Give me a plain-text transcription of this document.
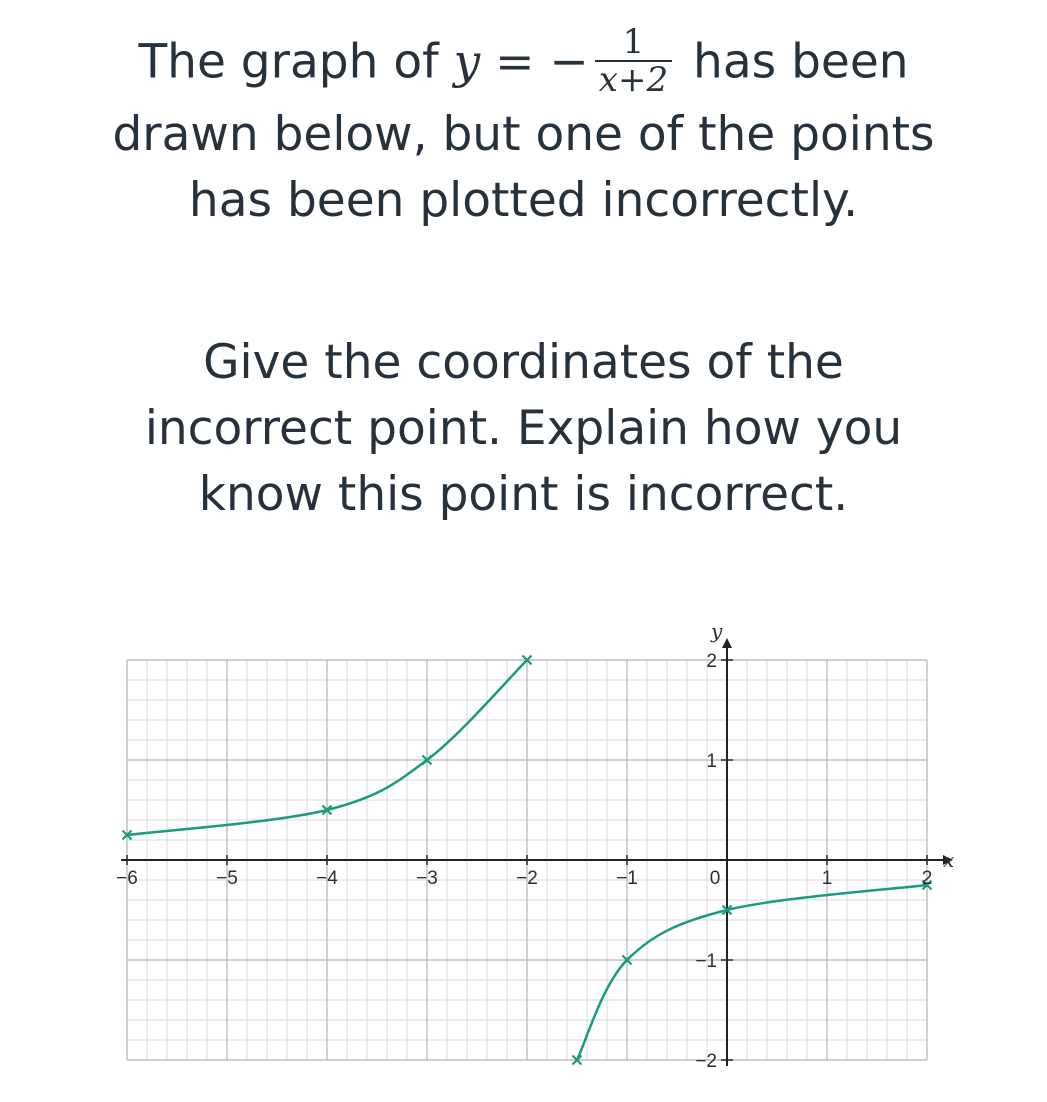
The graph of y = − $\frac{1}{x+2}$ has been
drawn below, but one of the points
has been plotted incorrectly.
Give the coordinates of the
incorrect point. Explain how you
know this point is incorrect.
−6	−5	−4	−3	−2	−1	0	1	2
2
1
−1
−2
x
y
